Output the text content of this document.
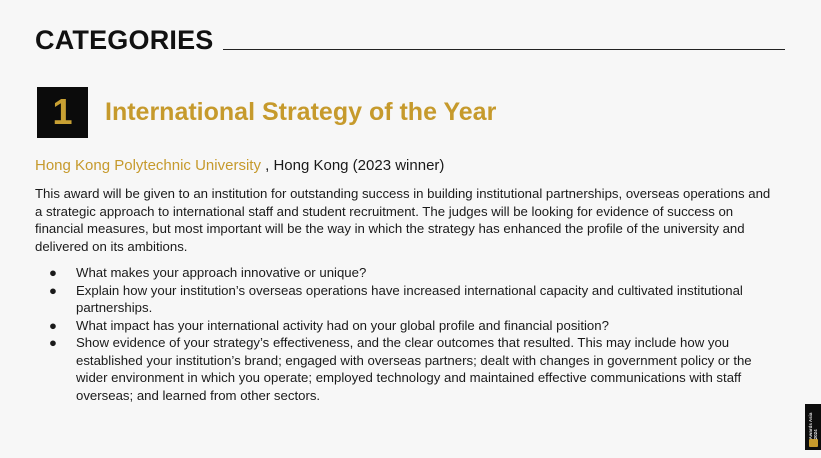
CATEGORIES
1	International Strategy of the Year
Hong Kong Polytechnic University , Hong Kong (2023 winner)

This award will be given to an institution for outstanding success in building institutional partnerships, overseas operations and a strategic approach to international staff and student recruitment. The judges will be looking for evidence of success on financial measures, but most important will be the way in which the strategy has enhanced the profile of the university and delivered on its ambitions.

● What makes your approach innovative or unique?
● Explain how your institution’s overseas operations have increased international capacity and cultivated institutional partnerships.
● What impact has your international activity had on your global profile and financial position?
● Show evidence of your strategy’s effectiveness, and the clear outcomes that resulted. This may include how you established your institution’s brand; engaged with overseas partners; dealt with changes in government policy or the wider environment in which you operate; employed technology and maintained effective communications with staff overseas; and learned from other sectors.
Awards Asia 2024
